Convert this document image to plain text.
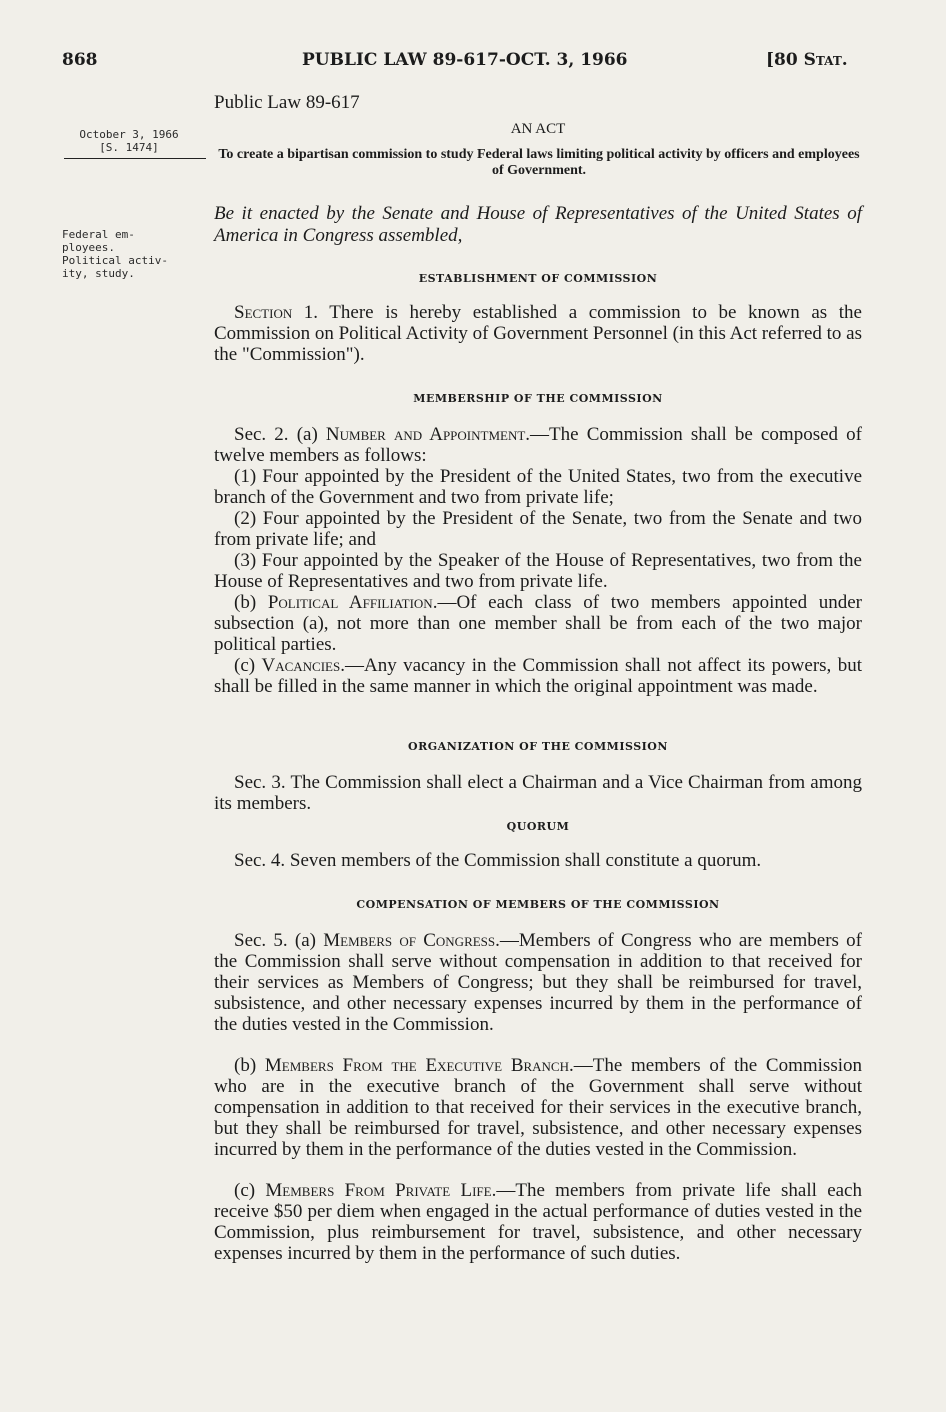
868	PUBLIC LAW 89-617-OCT. 3, 1966	[80 Stat.
October 3, 1966
[S. 1474]
Federal em-
ployees.
Political activ-
ity, study.
Public Law 89-617
AN ACT
To create a bipartisan commission to study Federal laws limiting political activity by officers and employees of Government.
Be it enacted by the Senate and House of Representatives of the United States of America in Congress assembled,
ESTABLISHMENT OF COMMISSION
Section 1. There is hereby established a commission to be known as the Commission on Political Activity of Government Personnel (in this Act referred to as the "Commission").
MEMBERSHIP OF THE COMMISSION
Sec. 2. (a) Number and Appointment.—The Commission shall be composed of twelve members as follows:
(1) Four appointed by the President of the United States, two from the executive branch of the Government and two from private life;
(2) Four appointed by the President of the Senate, two from the Senate and two from private life; and
(3) Four appointed by the Speaker of the House of Representatives, two from the House of Representatives and two from private life.
(b) Political Affiliation.—Of each class of two members appointed under subsection (a), not more than one member shall be from each of the two major political parties.
(c) Vacancies.—Any vacancy in the Commission shall not affect its powers, but shall be filled in the same manner in which the original appointment was made.
ORGANIZATION OF THE COMMISSION
Sec. 3. The Commission shall elect a Chairman and a Vice Chairman from among its members.
QUORUM
Sec. 4. Seven members of the Commission shall constitute a quorum.
COMPENSATION OF MEMBERS OF THE COMMISSION
Sec. 5. (a) Members of Congress.—Members of Congress who are members of the Commission shall serve without compensation in addition to that received for their services as Members of Congress; but they shall be reimbursed for travel, subsistence, and other necessary expenses incurred by them in the performance of the duties vested in the Commission.
(b) Members From the Executive Branch.—The members of the Commission who are in the executive branch of the Government shall serve without compensation in addition to that received for their services in the executive branch, but they shall be reimbursed for travel, subsistence, and other necessary expenses incurred by them in the performance of the duties vested in the Commission.
(c) Members From Private Life.—The members from private life shall each receive $50 per diem when engaged in the actual performance of duties vested in the Commission, plus reimbursement for travel, subsistence, and other necessary expenses incurred by them in the performance of such duties.
